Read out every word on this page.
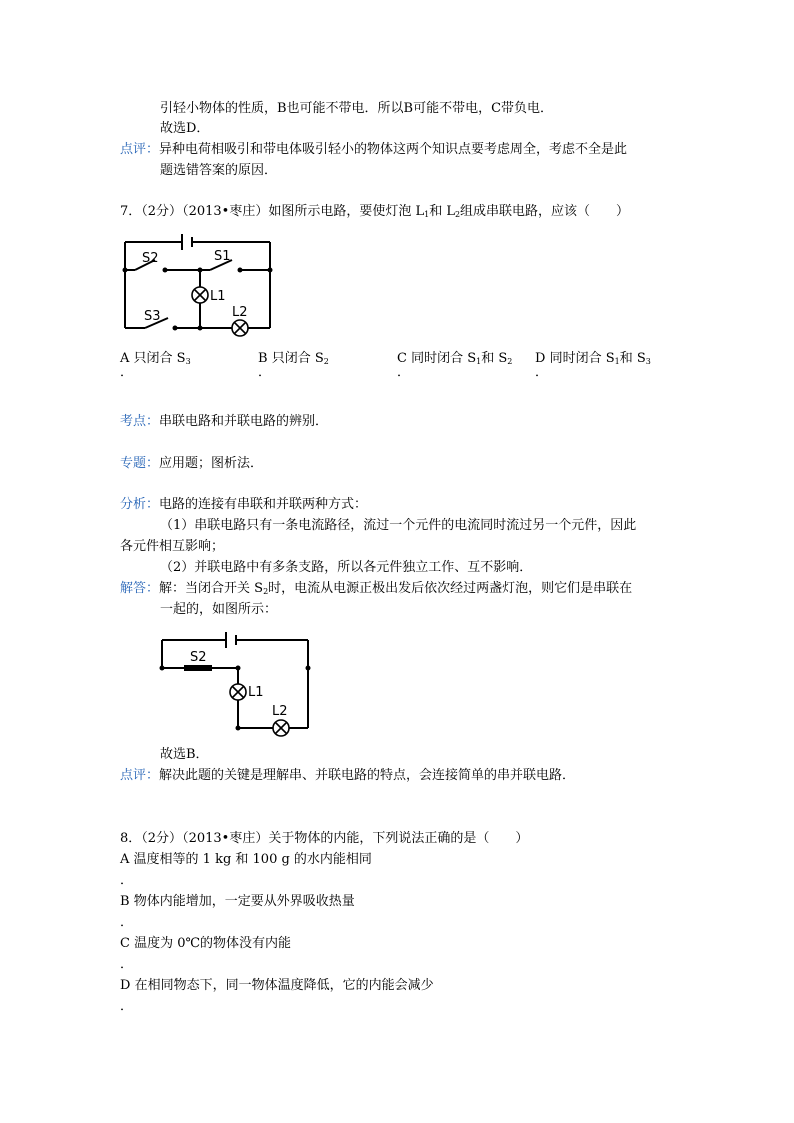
引轻小物体的性质，B也可能不带电．所以B可能不带电，C带负电．
故选D．
点评：异种电荷相吸引和带电体吸引轻小的物体这两个知识点要考虑周全，考虑不全是此
题选错答案的原因．
7．（2分）（2013•枣庄）如图所示电路，要使灯泡 $L_1$和 $L_2$组成串联电路，应该（　　）
S2	S1
L1
S3	L2
A 只闭合 $S_3$
．
B 只闭合 $S_2$
．
C 同时闭合 $S_1$和 $S_2$
．
D 同时闭合 $S_1$和 $S_3$
．
考点：串联电路和并联电路的辨别．
专题：应用题；图析法．
分析：电路的连接有串联和并联两种方式：
（1）串联电路只有一条电流路径，流过一个元件的电流同时流过另一个元件，因此
各元件相互影响；
（2）并联电路中有多条支路，所以各元件独立工作、互不影响．
解答：解：当闭合开关 $S_2$时，电流从电源正极出发后依次经过两盏灯泡，则它们是串联在
一起的，如图所示：
S2
L1
L2
故选B．
点评：解决此题的关键是理解串、并联电路的特点，会连接简单的串并联电路．
8．（2分）（2013•枣庄）关于物体的内能，下列说法正确的是（　　）
A 温度相等的 1 kg 和 100 g 的水内能相同
．
B 物体内能增加，一定要从外界吸收热量
．
C 温度为 0℃的物体没有内能
．
D 在相同物态下，同一物体温度降低，它的内能会减少
．
